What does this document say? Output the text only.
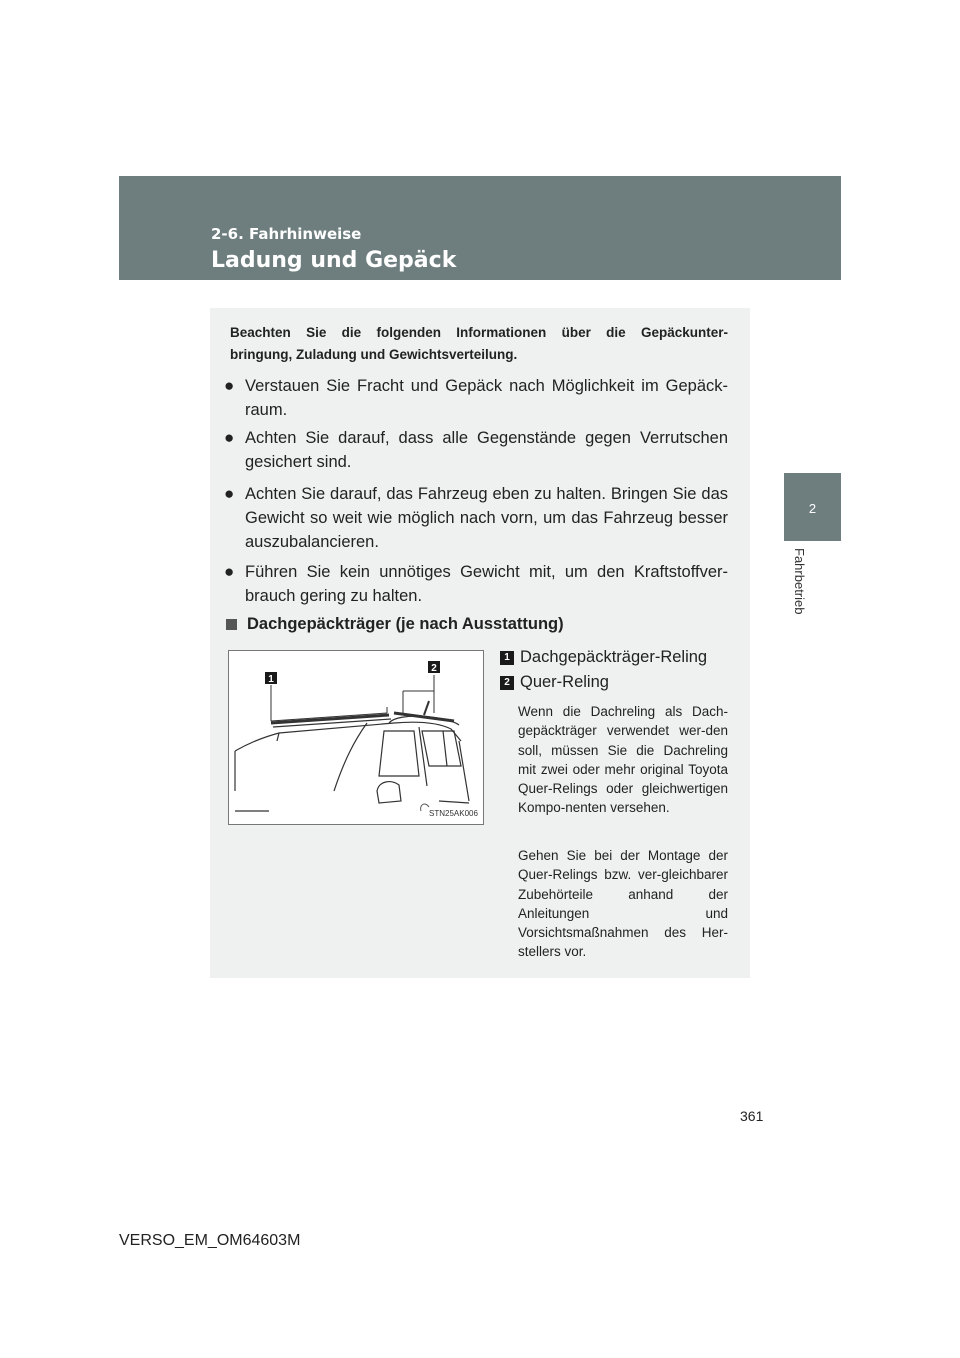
2-6. Fahrhinweise
Ladung und Gepäck
2
Fahrbetrieb

Beachten Sie die folgenden Informationen über die Gepäckunter-
bringung, Zuladung und Gewichtsverteilung.

● Verstauen Sie Fracht und Gepäck nach Möglichkeit im Gepäck-raum.
● Achten Sie darauf, dass alle Gegenstände gegen Verrutschen gesichert sind.
● Achten Sie darauf, das Fahrzeug eben zu halten. Bringen Sie das Gewicht so weit wie möglich nach vorn, um das Fahrzeug besser auszubalancieren.
● Führen Sie kein unnötiges Gewicht mit, um den Kraftstoffver-brauch gering zu halten.
Dachgepäckträger (je nach Ausstattung)
1
2
STN25AK006
1 Dachgepäckträger-Reling
2 Quer-Reling

Wenn die Dachreling als Dach-gepäckträger verwendet wer-den soll, müssen Sie die Dachreling mit zwei oder mehr original Toyota Quer-Relings oder gleichwertigen Kompo-nenten versehen.

Gehen Sie bei der Montage der Quer-Relings bzw. ver-gleichbarer Zubehörteile anhand der Anleitungen und Vorsichtsmaßnahmen des Her-stellers vor.

361
VERSO_EM_OM64603M
